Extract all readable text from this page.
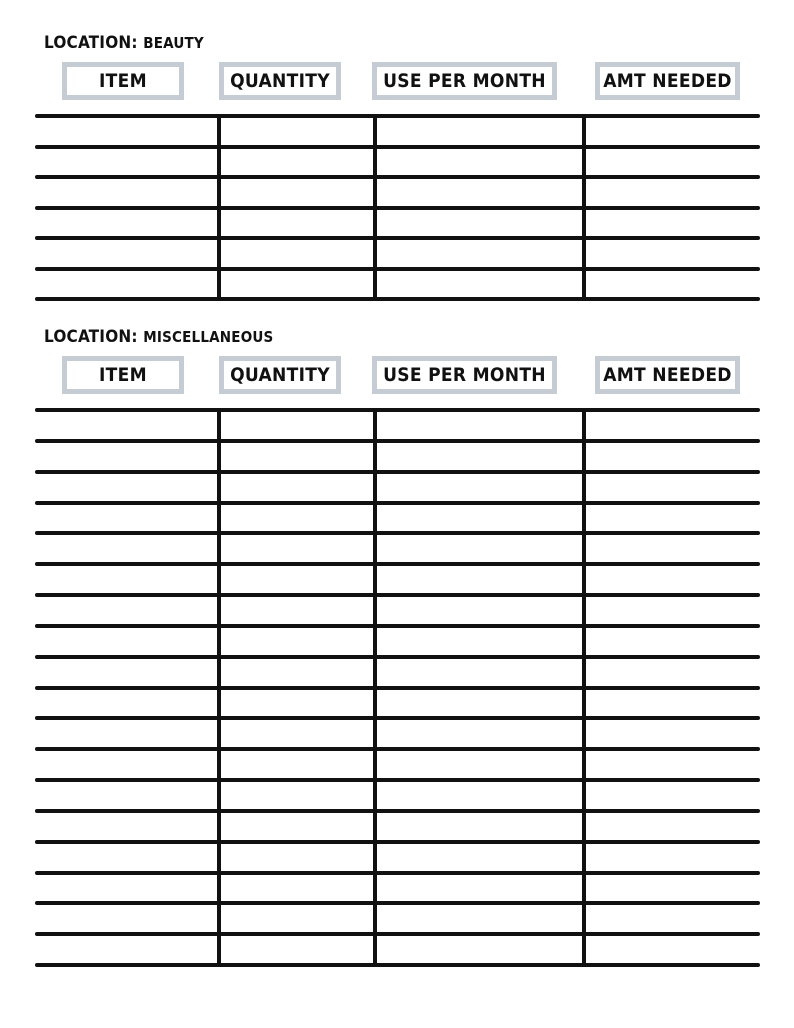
LOCATION: BEAUTY
ITEM	QUANTITY	USE PER MONTH	AMT NEEDED
LOCATION: MISCELLANEOUS
ITEM	QUANTITY	USE PER MONTH	AMT NEEDED
